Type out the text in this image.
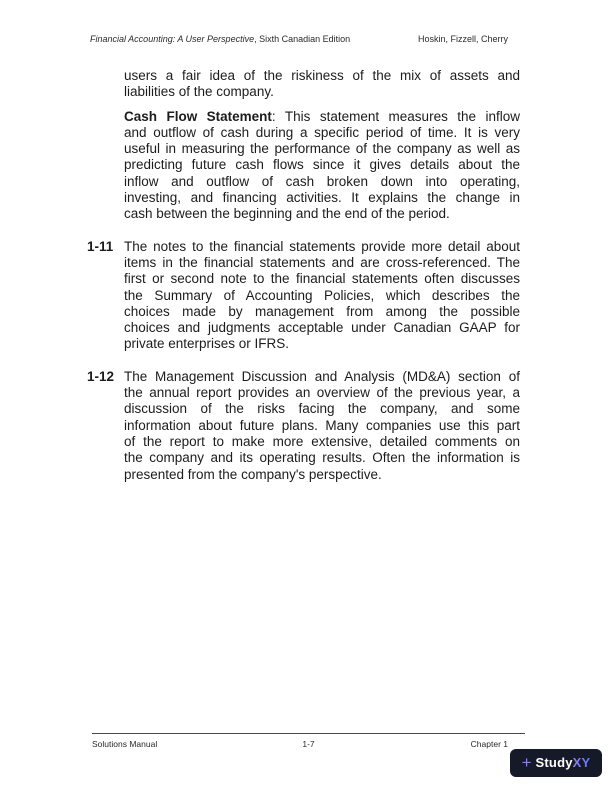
Financial Accounting: A User Perspective, Sixth Canadian Edition	Hoskin, Fizzell, Cherry
users a fair idea of the riskiness of the mix of assets and
liabilities of the company.
Cash Flow Statement: This statement measures the inflow
and outflow of cash during a specific period of time. It is very
useful in measuring the performance of the company as well as
predicting future cash flows since it gives details about the
inflow and outflow of cash broken down into operating,
investing, and financing activities. It explains the change in
cash between the beginning and the end of the period.
1-11 The notes to the financial statements provide more detail about
items in the financial statements and are cross-referenced. The
first or second note to the financial statements often discusses
the Summary of Accounting Policies, which describes the
choices made by management from among the possible
choices and judgments acceptable under Canadian GAAP for
private enterprises or IFRS.
1-12 The Management Discussion and Analysis (MD&A) section of
the annual report provides an overview of the previous year, a
discussion of the risks facing the company, and some
information about future plans. Many companies use this part
of the report to make more extensive, detailed comments on
the company and its operating results. Often the information is
presented from the company's perspective.
Solutions Manual	1-7	Chapter 1
+ StudyXY
